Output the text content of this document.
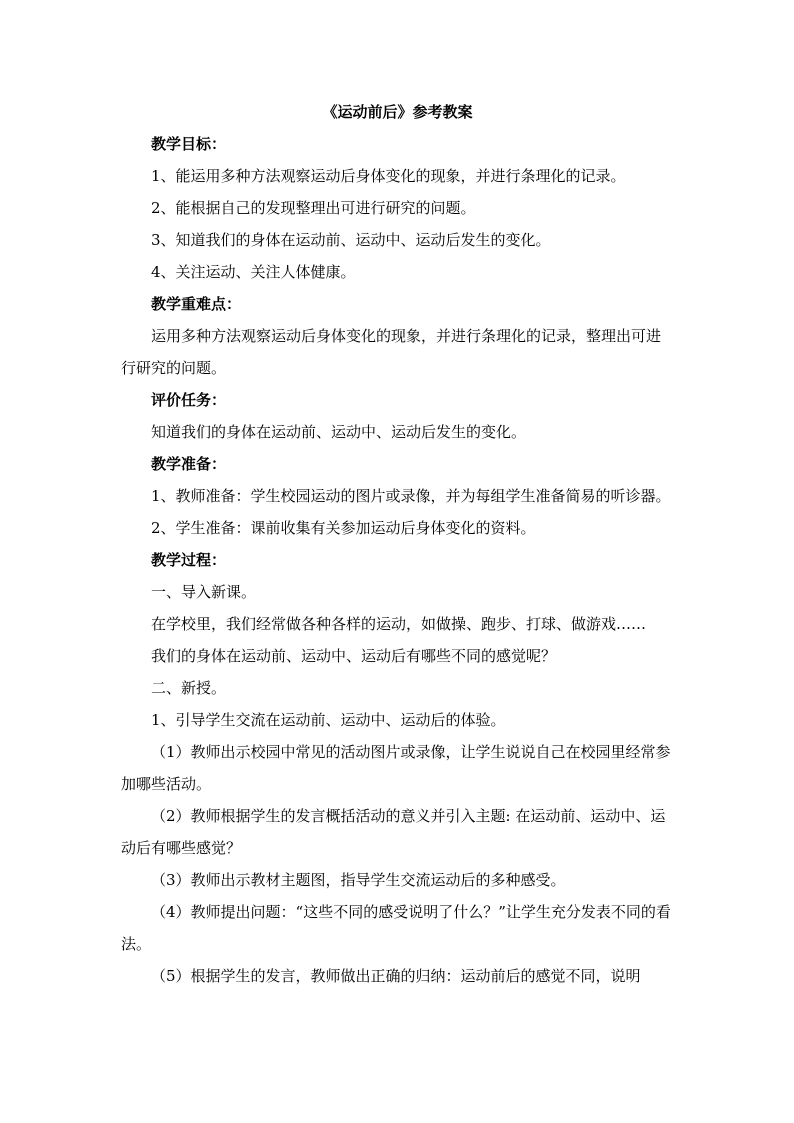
《运动前后》参考教案

教学目标：

1、能运用多种方法观察运动后身体变化的现象，并进行条理化的记录。

2、能根据自己的发现整理出可进行研究的问题。

3、知道我们的身体在运动前、运动中、运动后发生的变化。

4、关注运动、关注人体健康。

教学重难点：

运用多种方法观察运动后身体变化的现象，并进行条理化的记录，整理出可进行研究的问题。

评价任务：

知道我们的身体在运动前、运动中、运动后发生的变化。

教学准备：

1、教师准备：学生校园运动的图片或录像，并为每组学生准备简易的听诊器。

2、学生准备：课前收集有关参加运动后身体变化的资料。

教学过程：

一、导入新课。

在学校里，我们经常做各种各样的运动，如做操、跑步、打球、做游戏……

我们的身体在运动前、运动中、运动后有哪些不同的感觉呢？

二、新授。

1、引导学生交流在运动前、运动中、运动后的体验。

（1）教师出示校园中常见的活动图片或录像，让学生说说自己在校园里经常参加哪些活动。

（2）教师根据学生的发言概括活动的意义并引入主题: 在运动前、运动中、运动后有哪些感觉？

（3）教师出示教材主题图，指导学生交流运动后的多种感受。

（4）教师提出问题：“这些不同的感受说明了什么？”让学生充分发表不同的看法。

（5）根据学生的发言，教师做出正确的归纳：运动前后的感觉不同，说明
